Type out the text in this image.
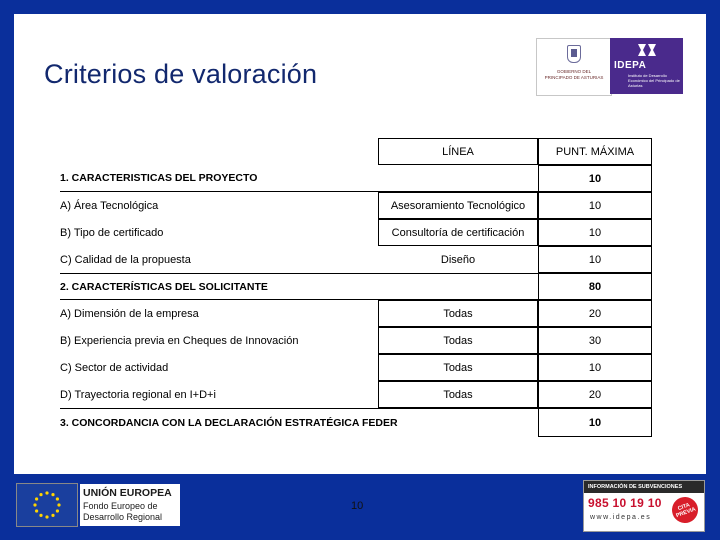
Criterios de valoración	GOBIERNO DEL PRINCIPADO DE ASTURIAS
IDEPA
Instituto de Desarrollo Económico del Principado de Asturias
LÍNEA	PUNT. MÁXIMA
1. CARACTERISTICAS DEL PROYECTO	10
A) Área Tecnológica	Asesoramiento Tecnológico	10
B) Tipo de certificado	Consultoría de certificación	10
C) Calidad de la propuesta	Diseño	10
2. CARACTERÍSTICAS DEL SOLICITANTE	80
A) Dimensión de la empresa	Todas	20
B) Experiencia previa en Cheques de Innovación	Todas	30
C) Sector de actividad	Todas	10
D) Trayectoria regional en I+D+i	Todas	20
3. CONCORDANCIA CON LA DECLARACIÓN ESTRATÉGICA FEDER	10
UNIÓN EUROPEA
Fondo Europeo de
Desarrollo Regional
10
INFORMACIÓN DE SUBVENCIONES
985 10 19 10
www.idepa.es
CITA PREVIA
